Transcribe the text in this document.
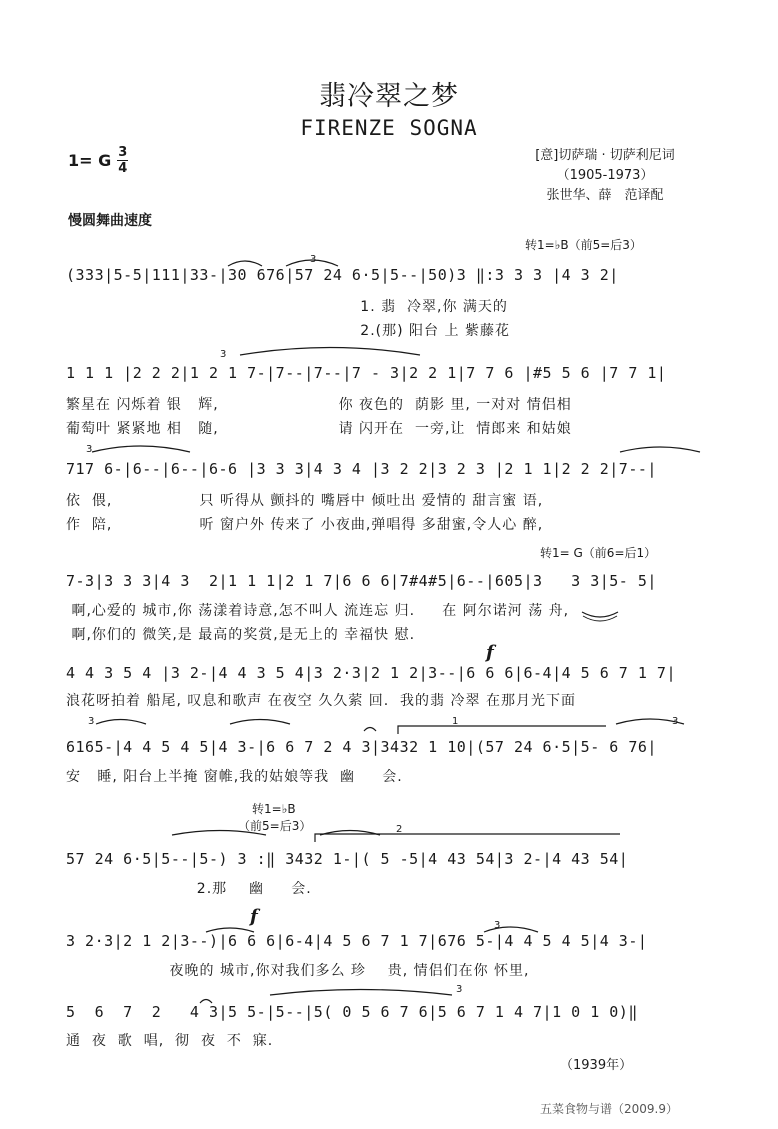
3
3
3
3	3
3
3
翡冷翠之梦
FIRENZE SOGNA
1= G $\frac{3}{4}$	[意]切萨瑞 · 切萨利尼词
（1905-1973）
张世华、薛　范译配
慢圆舞曲速度
转1=♭B（前5=后3）
转1= G（前6=后1）
转1=♭B
（前5=后3）
f
f
1
2
(333|5-5|111|33-|30 676|57 24 6·5|5--|50)3 ‖:3 3 3 |4 3 2|
1. 翡  冷翠,你 满天的
2.(那) 阳台 上 紫藤花
1 1 1 |2 2 2|1 2 1 7-|7--|7--|7 - 3|2 2 1|7 7 6 |#5 5 6 |7 7 1|
繁星在 闪烁着 银   辉,                      你 夜色的  荫影 里, 一对对 情侣相
葡萄叶 紧紧地 相   随,                      请 闪开在  一旁,让  情郎来 和姑娘
717 6-|6--|6--|6-6 |3 3 3|4 3 4 |3 2 2|3 2 3 |2 1 1|2 2 2|7--|
依  偎,                只 听得从 颤抖的 嘴唇中 倾吐出 爱情的 甜言蜜 语,
作  陪,                听 窗户外 传来了 小夜曲,弹唱得 多甜蜜,令人心 醉,
7-3|3 3 3|4 3  2|1 1 1|2 1 7|6 6 6|7#4#5|6--|605|3   3 3|5- 5|
啊,心爱的 城市,你 荡漾着诗意,怎不叫人 流连忘 归.     在 阿尔诺河 荡 舟,
啊,你们的 微笑,是 最高的奖赏,是无上的 幸福快 慰.
4 4 3 5 4 |3 2-|4 4 3 5 4|3 2·3|2 1 2|3--|6 6 6|6-4|4 5 6 7 1 7|
浪花呀拍着 船尾, 叹息和歌声 在夜空 久久萦 回.  我的翡 冷翠 在那月光下面
6165-|4 4 5 4 5|4 3-|6 6 7 2 4 3|3432 1 10|(57 24 6·5|5- 6 76|
安   睡, 阳台上半掩 窗帷,我的姑娘等我  幽     会.
57 24 6·5|5--|5-) 3 :‖ 3432 1-|( 5 -5|4 43 54|3 2-|4 43 54|
2.那    幽     会.
3 2·3|2 1 2|3--)|6 6 6|6-4|4 5 6 7 1 7|676 5-|4 4 5 4 5|4 3-|
夜晚的 城市,你对我们多么 珍    贵, 情侣们在你 怀里,
5  6  7  2   4 3|5 5-|5--|5( 0 5 6 7 6|5 6 7 1 4 7|1 0 1 0)‖
通  夜  歌  唱,  彻  夜  不  寐.
（1939年）
五菜食物与谱（2009.9）
